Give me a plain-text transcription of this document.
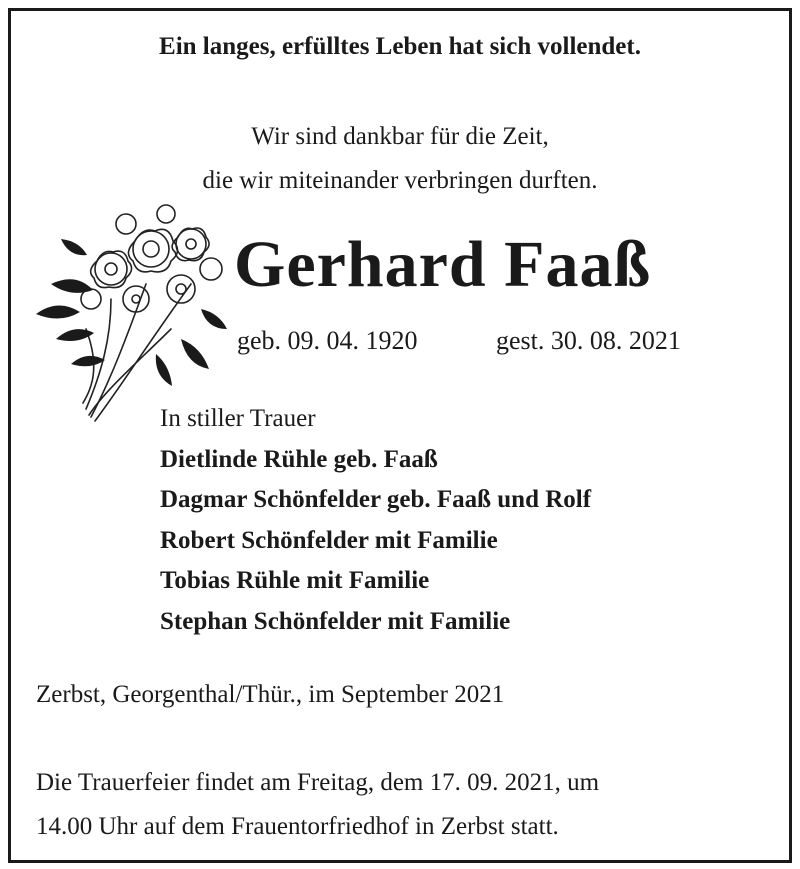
Ein langes, erfülltes Leben hat sich vollendet.
Wir sind dankbar für die Zeit,
die wir miteinander verbringen durften.
Gerhard Faaß
geb. 09. 04. 1920	gest. 30. 08. 2021
In stiller Trauer
Dietlinde Rühle geb. Faaß
Dagmar Schönfelder geb. Faaß und Rolf
Robert Schönfelder mit Familie
Tobias Rühle mit Familie
Stephan Schönfelder mit Familie
Zerbst, Georgenthal/Thür., im September 2021
Die Trauerfeier findet am Freitag, dem 17. 09. 2021, um
14.00 Uhr auf dem Frauentorfriedhof in Zerbst statt.
